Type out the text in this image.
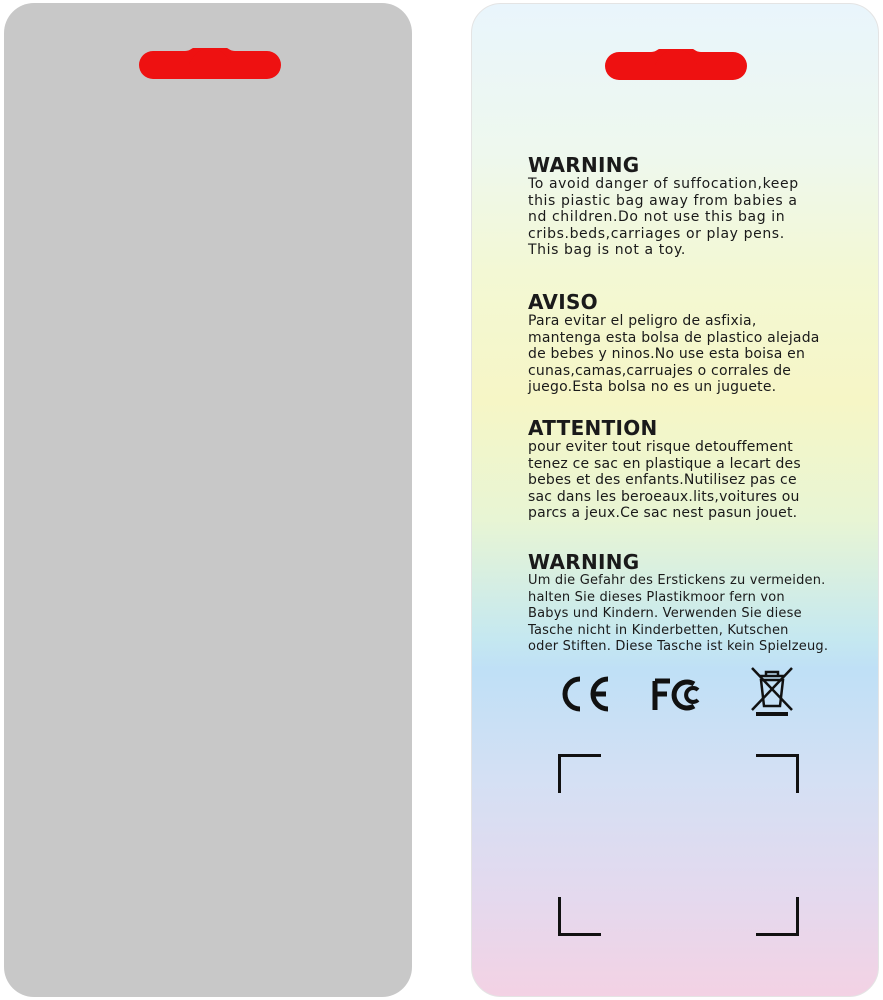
WARNING

To avoid danger of suffocation,keep
this piastic bag away from babies a
nd children.Do not use this bag in
cribs.beds,carriages or play pens.
This bag is not a toy.

AVISO

Para evitar el peligro de asfixia,
mantenga esta bolsa de plastico alejada
de bebes y ninos.No use esta boisa en
cunas,camas,carruajes o corrales de
juego.Esta bolsa no es un juguete.

ATTENTION

pour eviter tout risque detouffement
tenez ce sac en plastique a lecart des
bebes et des enfants.Nutilisez pas ce
sac dans les beroeaux.lits,voitures ou
parcs a jeux.Ce sac nest pasun jouet.

WARNING

Um die Gefahr des Erstickens zu vermeiden.
halten Sie dieses Plastikmoor fern von
Babys und Kindern. Verwenden Sie diese
Tasche nicht in Kinderbetten, Kutschen
oder Stiften. Diese Tasche ist kein Spielzeug.
